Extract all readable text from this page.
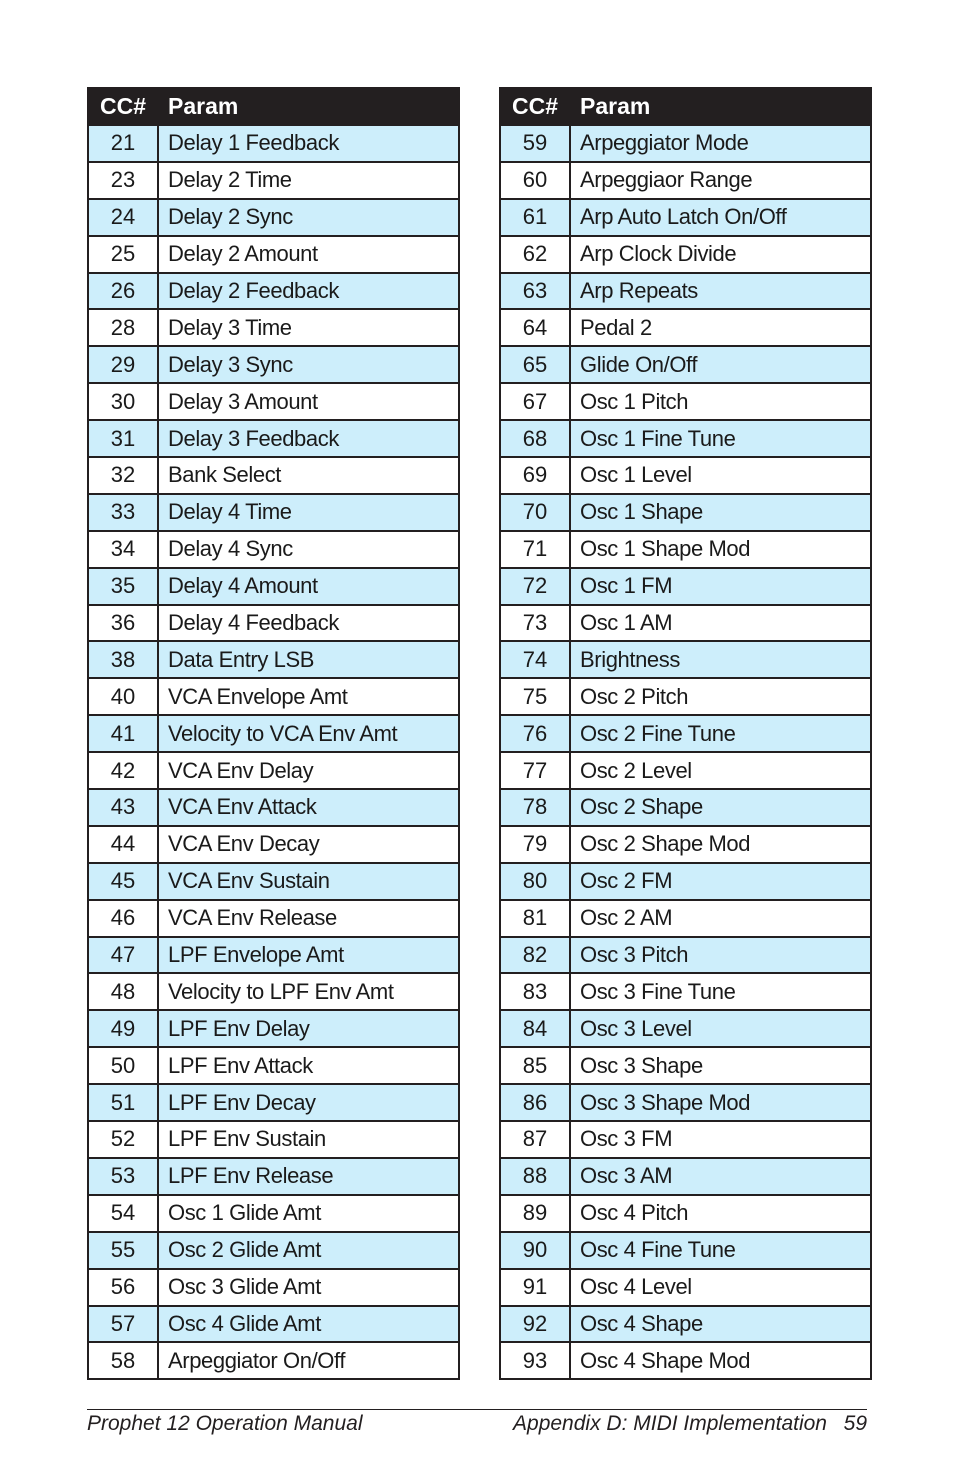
CC#	Param
21	Delay 1 Feedback
23	Delay 2 Time
24	Delay 2 Sync
25	Delay 2 Amount
26	Delay 2 Feedback
28	Delay 3 Time
29	Delay 3 Sync
30	Delay 3 Amount
31	Delay 3 Feedback
32	Bank Select
33	Delay 4 Time
34	Delay 4 Sync
35	Delay 4 Amount
36	Delay 4 Feedback
38	Data Entry LSB
40	VCA Envelope Amt
41	Velocity to VCA Env Amt
42	VCA Env Delay
43	VCA Env Attack
44	VCA Env Decay
45	VCA Env Sustain
46	VCA Env Release
47	LPF Envelope Amt
48	Velocity to LPF Env Amt
49	LPF Env Delay
50	LPF Env Attack
51	LPF Env Decay
52	LPF Env Sustain
53	LPF Env Release
54	Osc 1 Glide Amt
55	Osc 2 Glide Amt
56	Osc 3 Glide Amt
57	Osc 4 Glide Amt
58	Arpeggiator On/Off
CC#	Param
59	Arpeggiator Mode
60	Arpeggiaor Range
61	Arp Auto Latch On/Off
62	Arp Clock Divide
63	Arp Repeats
64	Pedal 2
65	Glide On/Off
67	Osc 1 Pitch
68	Osc 1 Fine Tune
69	Osc 1 Level
70	Osc 1 Shape
71	Osc 1 Shape Mod
72	Osc 1 FM
73	Osc 1 AM
74	Brightness
75	Osc 2 Pitch
76	Osc 2 Fine Tune
77	Osc 2 Level
78	Osc 2 Shape
79	Osc 2 Shape Mod
80	Osc 2 FM
81	Osc 2 AM
82	Osc 3 Pitch
83	Osc 3 Fine Tune
84	Osc 3 Level
85	Osc 3 Shape
86	Osc 3 Shape Mod
87	Osc 3 FM
88	Osc 3 AM
89	Osc 4 Pitch
90	Osc 4 Fine Tune
91	Osc 4 Level
92	Osc 4 Shape
93	Osc 4 Shape Mod
Prophet 12 Operation Manual	Appendix D: MIDI Implementation 59
